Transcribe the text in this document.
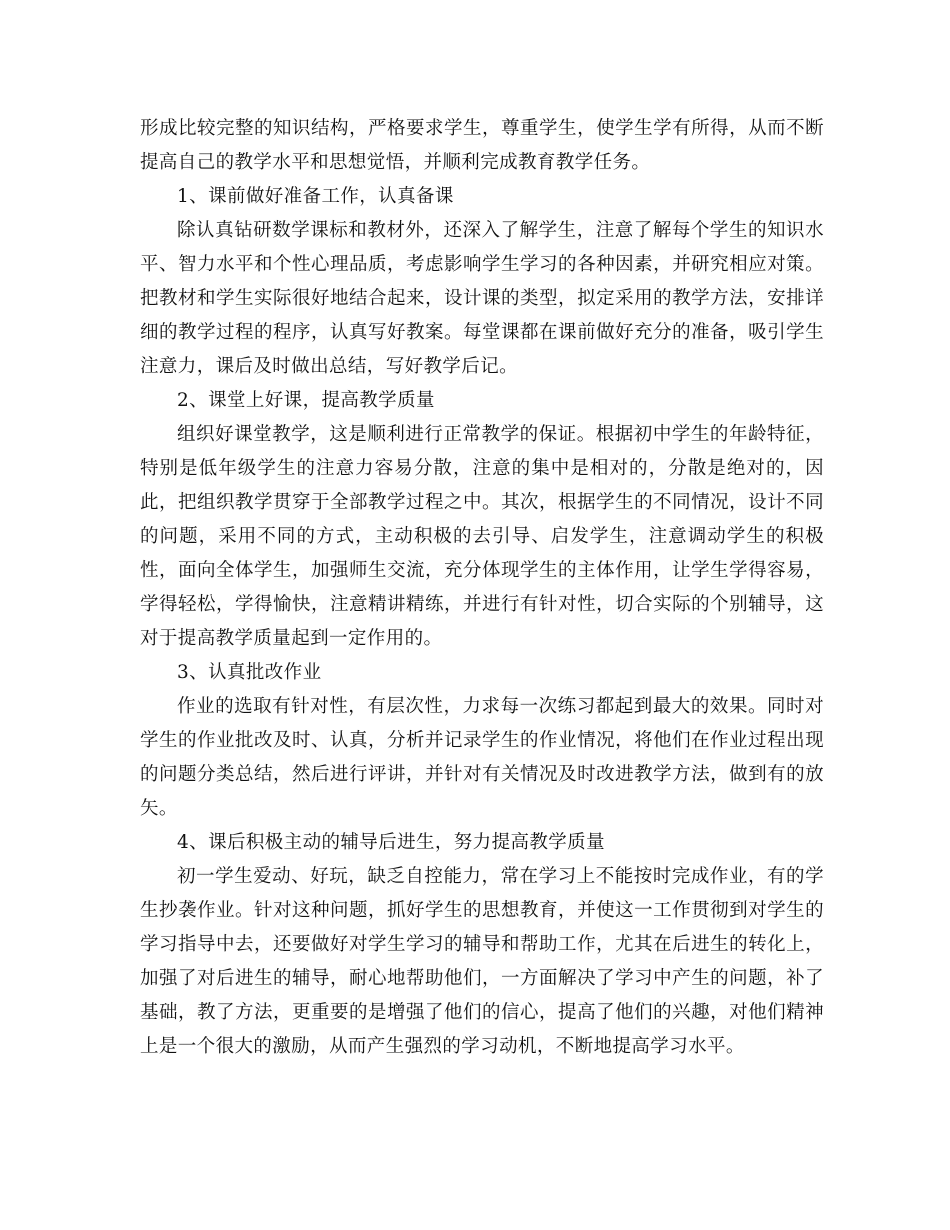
形成比较完整的知识结构，严格要求学生，尊重学生，使学生学有所得，从而不断提高自己的教学水平和思想觉悟，并顺利完成教育教学任务。

1、课前做好准备工作，认真备课

除认真钻研数学课标和教材外，还深入了解学生，注意了解每个学生的知识水平、智力水平和个性心理品质，考虑影响学生学习的各种因素，并研究相应对策。把教材和学生实际很好地结合起来，设计课的类型，拟定采用的教学方法，安排详细的教学过程的程序，认真写好教案。每堂课都在课前做好充分的准备，吸引学生注意力，课后及时做出总结，写好教学后记。

2、课堂上好课，提高教学质量

组织好课堂教学，这是顺利进行正常教学的保证。根据初中学生的年龄特征，特别是低年级学生的注意力容易分散，注意的集中是相对的，分散是绝对的，因此，把组织教学贯穿于全部教学过程之中。其次，根据学生的不同情况，设计不同的问题，采用不同的方式，主动积极的去引导、启发学生，注意调动学生的积极性，面向全体学生，加强师生交流，充分体现学生的主体作用，让学生学得容易，学得轻松，学得愉快，注意精讲精练，并进行有针对性，切合实际的个别辅导，这对于提高教学质量起到一定作用的。

3、认真批改作业

作业的选取有针对性，有层次性，力求每一次练习都起到最大的效果。同时对学生的作业批改及时、认真，分析并记录学生的作业情况，将他们在作业过程出现的问题分类总结，然后进行评讲，并针对有关情况及时改进教学方法，做到有的放矢。

4、课后积极主动的辅导后进生，努力提高教学质量

初一学生爱动、好玩，缺乏自控能力，常在学习上不能按时完成作业，有的学生抄袭作业。针对这种问题，抓好学生的思想教育，并使这一工作贯彻到对学生的学习指导中去，还要做好对学生学习的辅导和帮助工作，尤其在后进生的转化上，加强了对后进生的辅导，耐心地帮助他们，一方面解决了学习中产生的问题，补了基础，教了方法，更重要的是增强了他们的信心，提高了他们的兴趣，对他们精神上是一个很大的激励，从而产生强烈的学习动机，不断地提高学习水平。
